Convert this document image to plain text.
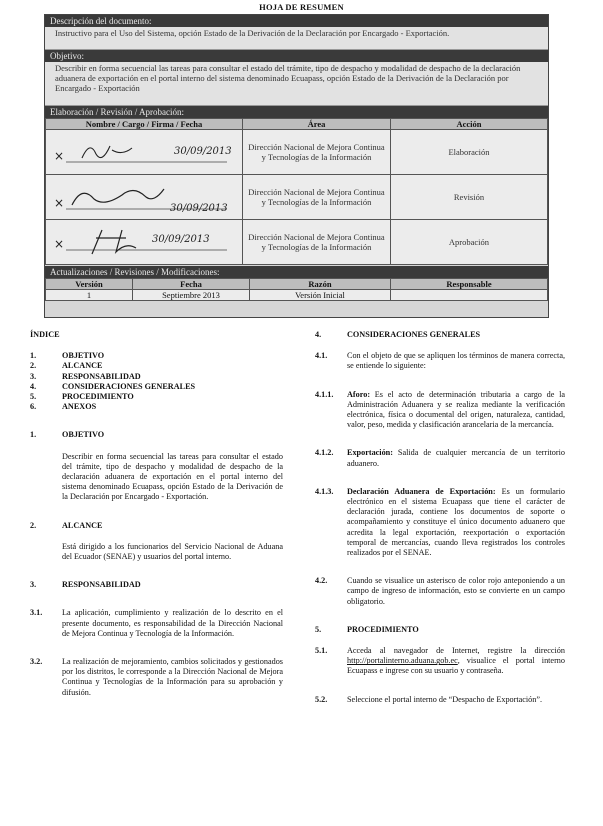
HOJA DE RESUMEN
Descripción del documento:
Instructivo para el Uso del Sistema, opción Estado de la Derivación de la Declaración por Encargado - Exportación.
Objetivo:
Describir en forma secuencial las tareas para consultar el estado del trámite, tipo de despacho y modalidad de despacho de la declaración aduanera de exportación en el portal interno del sistema denominado Ecuapass, opción Estado de la Derivación de la Declaración por Encargado - Exportación
Elaboración / Revisión / Aprobación:
Nombre / Cargo / Firma / Fecha	Área	Acción

× 30/09/2013	Dirección Nacional de Mejora Continua y Tecnologías de la Información	Elaboración

× 30/09/2013	Dirección Nacional de Mejora Continua y Tecnologías de la Información	Revisión

× 30/09/2013	Dirección Nacional de Mejora Continua y Tecnologías de la Información	Aprobación
Actualizaciones / Revisiones / Modificaciones:
Versión	Fecha	Razón	Responsable
1	Septiembre 2013	Versión Inicial	
ÍNDICE
1.	OBJETIVO
2.	ALCANCE
3.	RESPONSABILIDAD
4.	CONSIDERACIONES GENERALES
5.	PROCEDIMIENTO
6.	ANEXOS
1.	OBJETIVO
Describir en forma secuencial las tareas para consultar el estado del trámite, tipo de despacho y modalidad de despacho de la declaración aduanera de exportación en el portal interno del sistema denominado Ecuapass, opción Estado de la Derivación de la Declaración por Encargado - Exportación.
2.	ALCANCE
Está dirigido a los funcionarios del Servicio Nacional de Aduana del Ecuador (SENAE) y usuarios del portal interno.
3.	RESPONSABILIDAD
3.1.	La aplicación, cumplimiento y realización de lo descrito en el presente documento, es responsabilidad de la Dirección Nacional de Mejora Continua y Tecnología de la Información.
3.2.	La realización de mejoramiento, cambios solicitados y gestionados por los distritos, le corresponde a la Dirección Nacional de Mejora Continua y Tecnologías de la Información para su aprobación y difusión.
4.	CONSIDERACIONES GENERALES
4.1.	Con el objeto de que se apliquen los términos de manera correcta, se entiende lo siguiente:
4.1.1.	Aforo: Es el acto de determinación tributaria a cargo de la Administración Aduanera y se realiza mediante la verificación electrónica, física o documental del origen, naturaleza, cantidad, valor, peso, medida y clasificación arancelaria de la mercancía.
4.1.2.	Exportación: Salida de cualquier mercancía de un territorio aduanero.
4.1.3.	Declaración Aduanera de Exportación: Es un formulario electrónico en el sistema Ecuapass que tiene el carácter de declaración jurada, contiene los documentos de soporte o acompañamiento y constituye el único documento aduanero que acredita la legal exportación, reexportación o exportación temporal de mercancías, cuando lleva registrados los controles realizados por el SENAE.
4.2.	Cuando se visualice un asterisco de color rojo anteponiendo a un campo de ingreso de información, esto se convierte en un campo obligatorio.
5.	PROCEDIMIENTO
5.1.	Acceda al navegador de Internet, registre la dirección http://portalinterno.aduana.gob.ec, visualice el portal interno Ecuapass e ingrese con su usuario y contraseña.
5.2.	Seleccione el portal interno de “Despacho de Exportación”.
